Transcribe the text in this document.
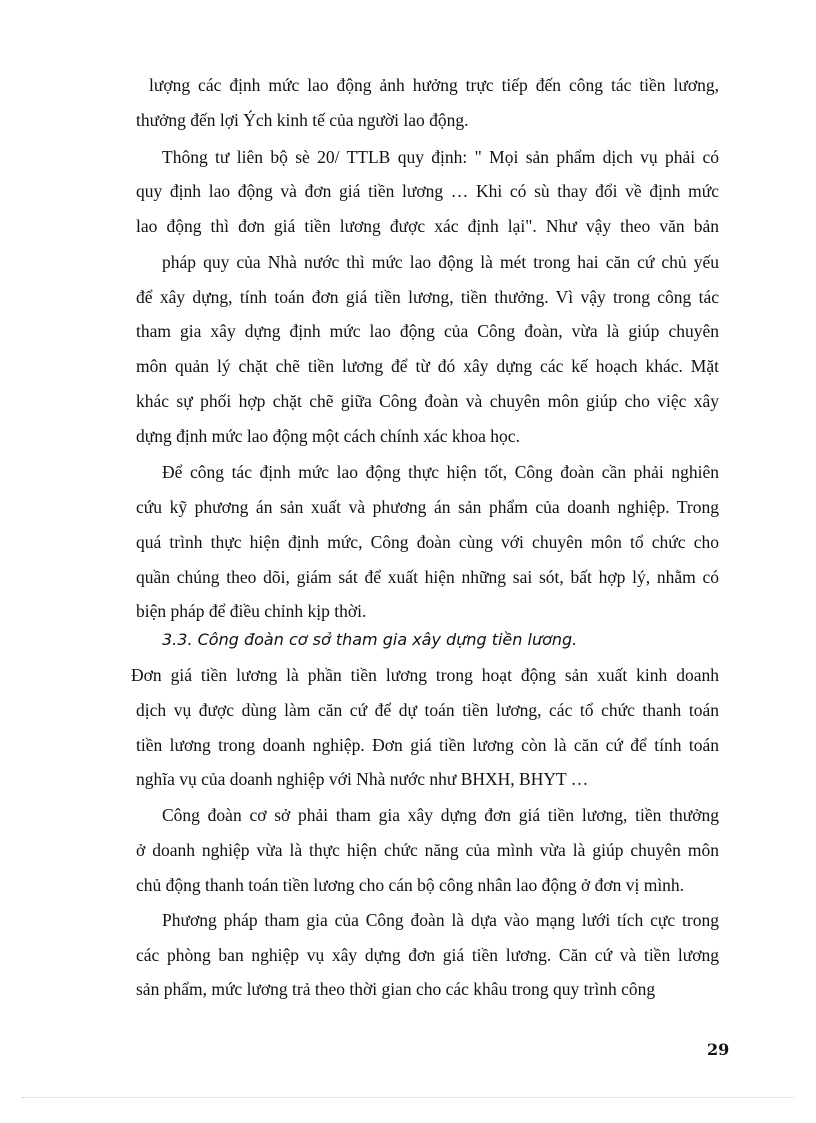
lượng các định mức lao động ảnh hưởng trực tiếp đến công tác tiền lương,

thưởng đến lợi Ých kinh tế của người lao động.

Thông tư liên bộ sè 20/ TTLB quy định: " Mọi sản phẩm dịch vụ phải có

quy định lao động và đơn giá tiền lương … Khi có sù thay đổi về định mức

lao động thì đơn giá tiền lương được xác định lại". Như vậy theo văn bản

pháp quy của Nhà nước thì mức lao động là mét trong hai căn cứ chủ yếu

để xây dựng, tính toán đơn giá tiền lương, tiền thưởng. Vì vậy trong công tác

tham gia xây dựng định mức lao động của Công đoàn, vừa là giúp chuyên

môn quản lý chặt chẽ tiền lương để từ đó xây dựng các kế hoạch khác. Mặt

khác sự phối hợp chặt chẽ giữa Công đoàn và chuyên môn giúp cho việc xây

dựng định mức lao động một cách chính xác khoa học.

Để công tác định mức lao động thực hiện tốt, Công đoàn cần phải nghiên

cứu kỹ phương án sản xuất và phương án sản phẩm của doanh nghiệp. Trong

quá trình thực hiện định mức, Công đoàn cùng với chuyên môn tổ chức cho

quần chúng theo dõi, giám sát để xuất hiện những sai sót, bất hợp lý, nhằm có

biện pháp để điều chỉnh kịp thời.

3.3. Công đoàn cơ sở tham gia xây dựng tiền lương.

Đơn giá tiền lương là phần tiền lương trong hoạt động sản xuất kinh doanh

dịch vụ được dùng làm căn cứ để dự toán tiền lương, các tổ chức thanh toán

tiền lương trong doanh nghiệp. Đơn giá tiền lương còn là căn cứ để tính toán

nghĩa vụ của doanh nghiệp với Nhà nước như BHXH, BHYT …

Công đoàn cơ sở phải tham gia xây dựng đơn giá tiền lương, tiền thưởng

ở doanh nghiệp vừa là thực hiện chức năng của mình vừa là giúp chuyên môn

chủ động thanh toán tiền lương cho cán bộ công nhân lao động ở đơn vị mình.

Phương pháp tham gia của Công đoàn là dựa vào mạng lưới tích cực trong

các phòng ban nghiệp vụ xây dựng đơn giá tiền lương. Căn cứ và tiền lương

sản phẩm, mức lương trả theo thời gian cho các khâu trong quy trình công

29
